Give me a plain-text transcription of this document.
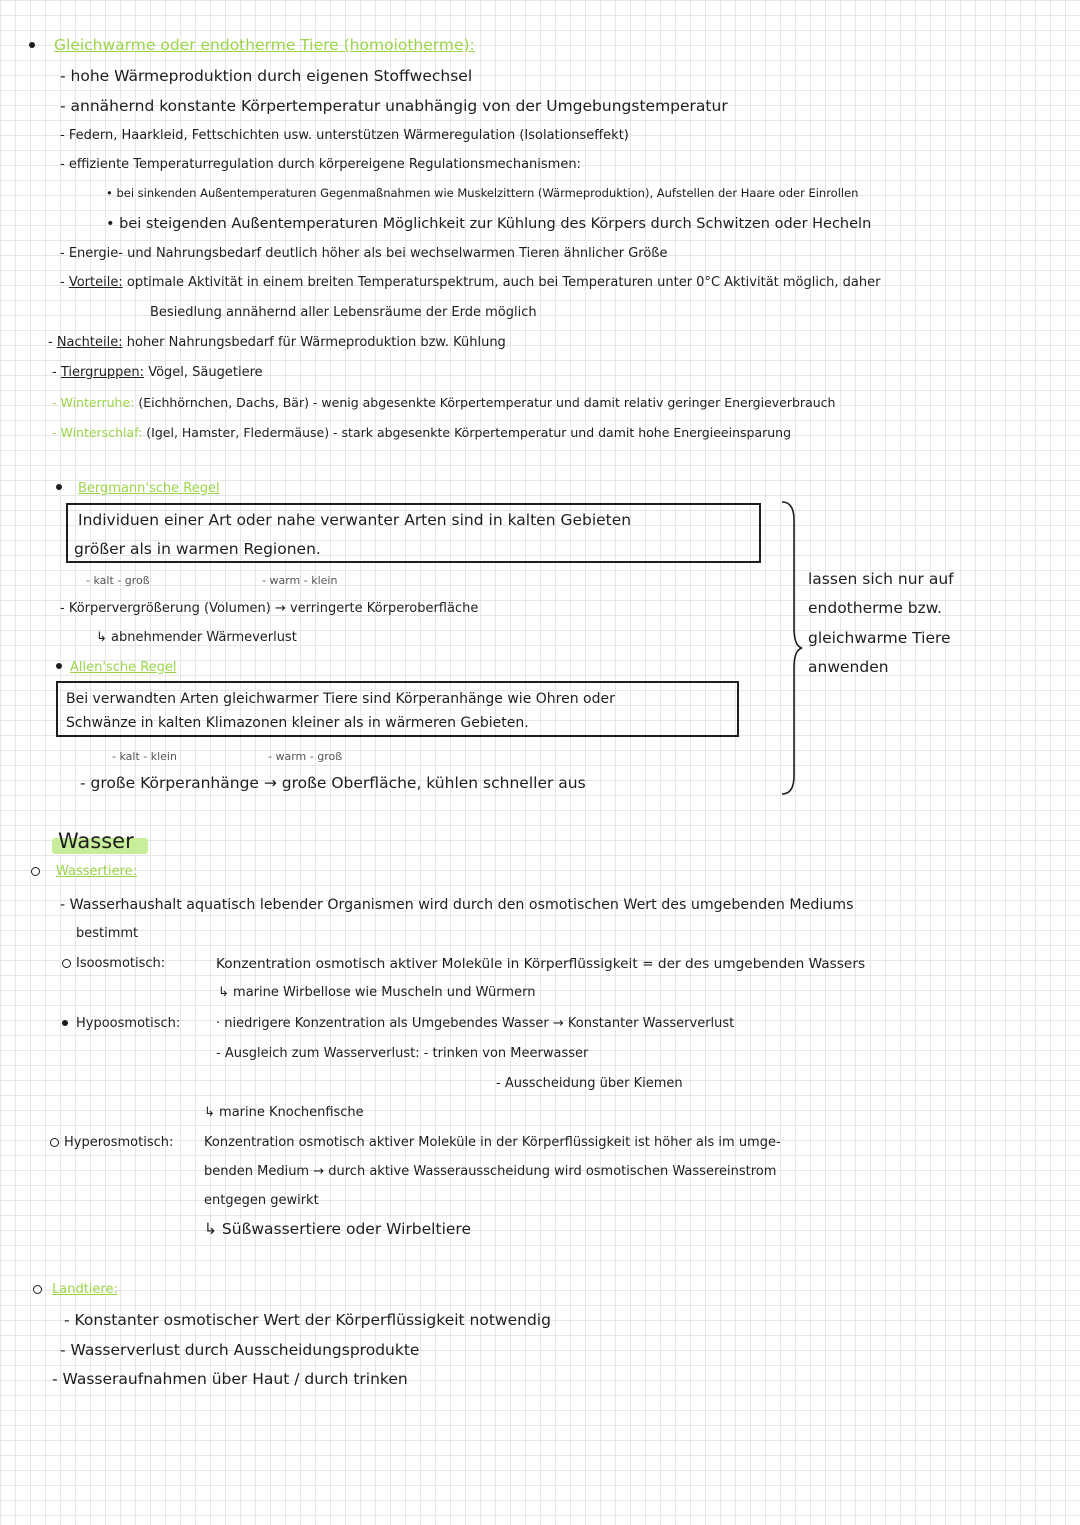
Gleichwarme oder endotherme Tiere (homoiotherme):
- hohe Wärmeproduktion durch eigenen Stoffwechsel
- annähernd konstante Körpertemperatur unabhängig von der Umgebungstemperatur
- Federn, Haarkleid, Fettschichten usw. unterstützen Wärmeregulation (Isolationseffekt)
- effiziente Temperaturregulation durch körpereigene Regulationsmechanismen:
• bei sinkenden Außentemperaturen Gegenmaßnahmen wie Muskelzittern (Wärmeproduktion), Aufstellen der Haare oder Einrollen
• bei steigenden Außentemperaturen Möglichkeit zur Kühlung des Körpers durch Schwitzen oder Hecheln
- Energie- und Nahrungsbedarf deutlich höher als bei wechselwarmen Tieren ähnlicher Größe
- Vorteile: optimale Aktivität in einem breiten Temperaturspektrum, auch bei Temperaturen unter 0°C Aktivität möglich, daher
Besiedlung annähernd aller Lebensräume der Erde möglich
- Nachteile: hoher Nahrungsbedarf für Wärmeproduktion bzw. Kühlung
- Tiergruppen: Vögel, Säugetiere
- Winterruhe: (Eichhörnchen, Dachs, Bär) - wenig abgesenkte Körpertemperatur und damit relativ geringer Energieverbrauch
- Winterschlaf: (Igel, Hamster, Fledermäuse) - stark abgesenkte Körpertemperatur und damit hohe Energieeinsparung
Bergmann'sche Regel
Individuen einer Art oder nahe verwanter Arten sind in kalten Gebieten
größer als in warmen Regionen.
- kalt - groß	- warm - klein
- Körpervergrößerung (Volumen) → verringerte Körperoberfläche
↳ abnehmender Wärmeverlust
Allen'sche Regel
Bei verwandten Arten gleichwarmer Tiere sind Körperanhänge wie Ohren oder
Schwänze in kalten Klimazonen kleiner als in wärmeren Gebieten.
- kalt - klein	- warm - groß
- große Körperanhänge → große Oberfläche, kühlen schneller aus
lassen sich nur auf
endotherme bzw.
gleichwarme Tiere
anwenden
Wasser
Wassertiere:
- Wasserhaushalt aquatisch lebender Organismen wird durch den osmotischen Wert des umgebenden Mediums
bestimmt
Isoosmotisch:	Konzentration osmotisch aktiver Moleküle in Körperflüssigkeit = der des umgebenden Wassers
↳ marine Wirbellose wie Muscheln und Würmern
Hypoosmotisch:	· niedrigere Konzentration als Umgebendes Wasser → Konstanter Wasserverlust
- Ausgleich zum Wasserverlust: - trinken von Meerwasser
- Ausscheidung über Kiemen
↳ marine Knochenfische
Hyperosmotisch: Konzentration osmotisch aktiver Moleküle in der Körperflüssigkeit ist höher als im umge-
benden Medium → durch aktive Wasserausscheidung wird osmotischen Wassereinstrom
entgegen gewirkt
↳ Süßwassertiere oder Wirbeltiere
Landtiere:
- Konstanter osmotischer Wert der Körperflüssigkeit notwendig
- Wasserverlust durch Ausscheidungsprodukte
- Wasseraufnahmen über Haut / durch trinken
